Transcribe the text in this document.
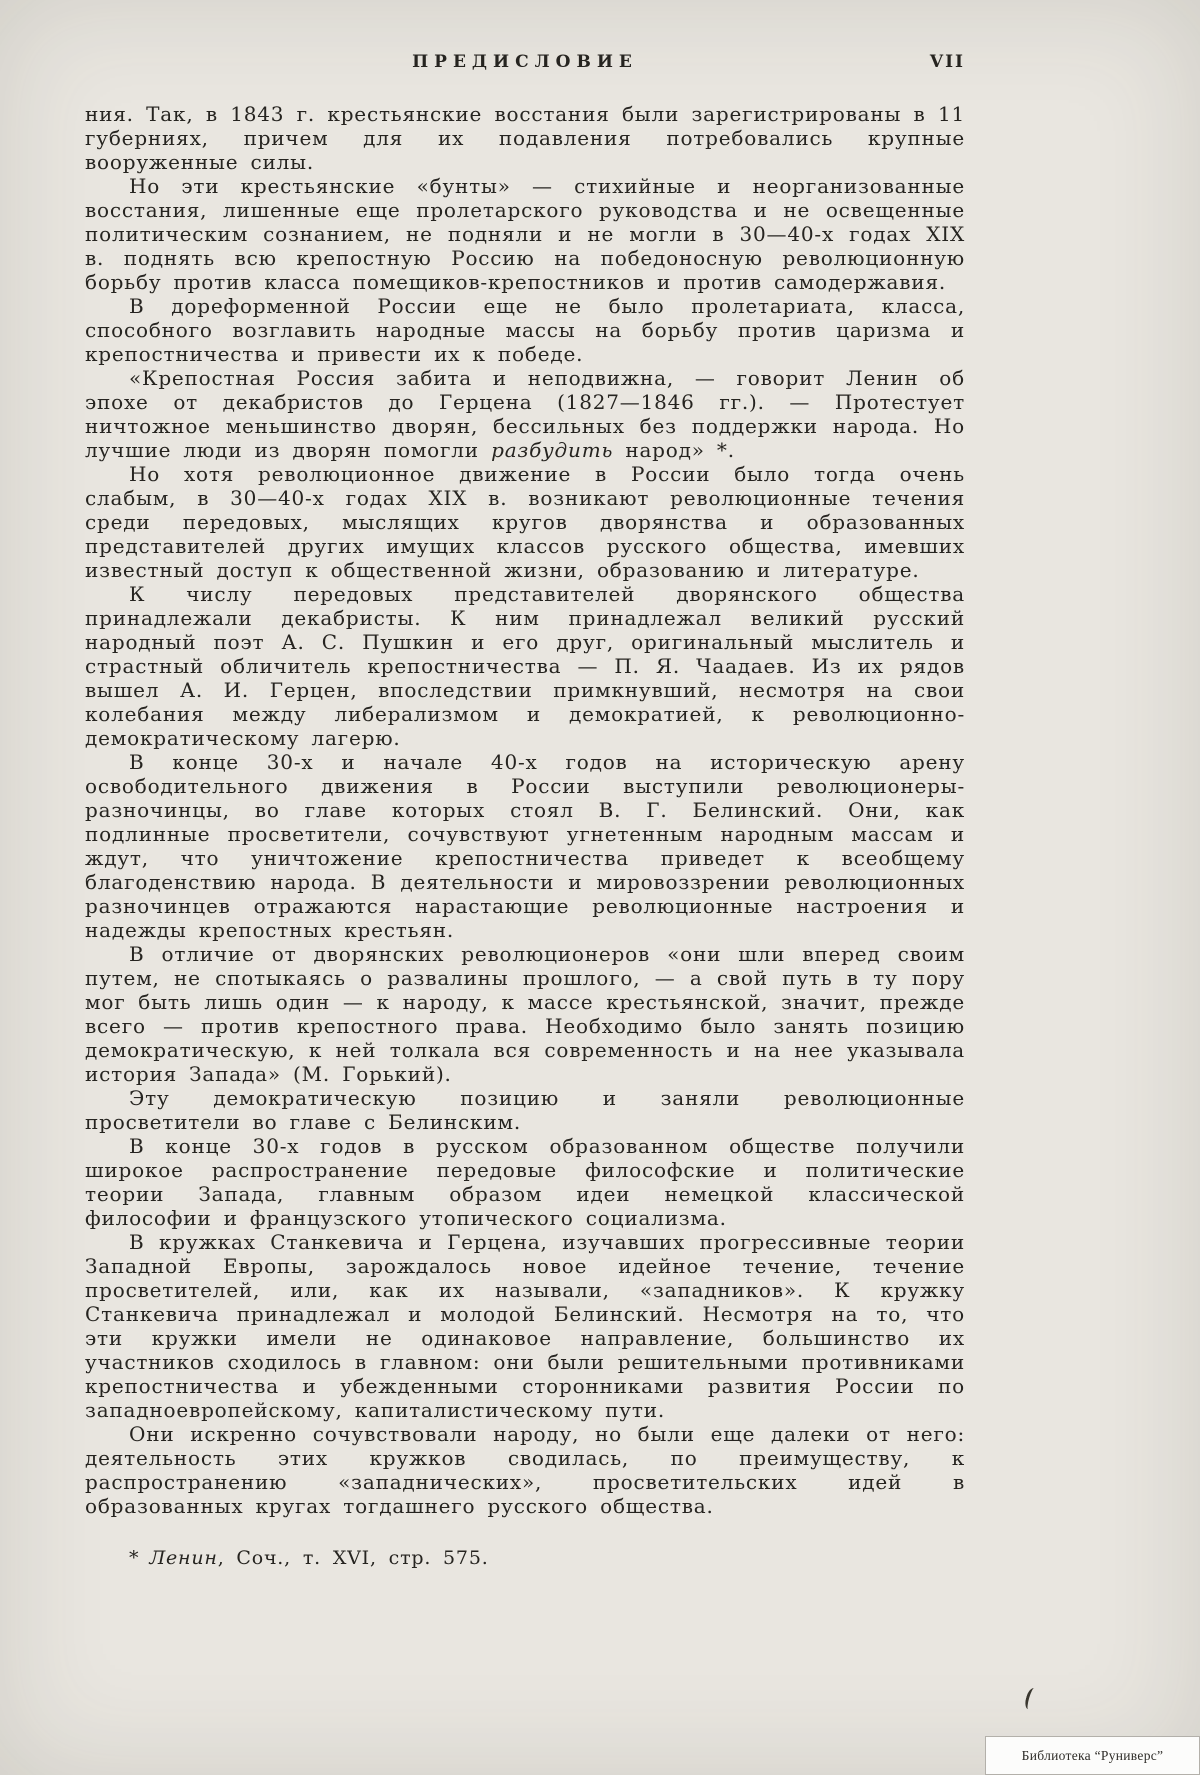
ПРЕДИСЛОВИЕ	VII

ния. Так, в 1843 г. крестьянские восстания были зарегистрированы в 11 губерниях, причем для их подавления потребовались крупные вооруженные силы.

Но эти крестьянские «бунты» — стихийные и неорганизованные восстания, лишенные еще пролетарского руководства и не освещенные политическим сознанием, не подняли и не могли в 30—40-х годах XIX в. поднять всю крепостную Россию на победоносную революционную борьбу против класса помещиков-крепостников и против самодержавия.

В дореформенной России еще не было пролетариата, класса, способного возглавить народные массы на борьбу против царизма и крепостничества и привести их к победе.

«Крепостная Россия забита и неподвижна, — говорит Ленин об эпохе от декабристов до Герцена (1827—1846 гг.). — Протестует ничтожное меньшинство дворян, бессильных без поддержки народа. Но лучшие люди из дворян помогли разбудить народ» *.

Но хотя революционное движение в России было тогда очень слабым, в 30—40-х годах XIX в. возникают революционные течения среди передовых, мыслящих кругов дворянства и образованных представителей других имущих классов русского общества, имевших известный доступ к общественной жизни, образованию и литературе.

К числу передовых представителей дворянского общества принадлежали декабристы. К ним принадлежал великий русский народный поэт А. С. Пушкин и его друг, оригинальный мыслитель и страстный обличитель крепостничества — П. Я. Чаадаев. Из их рядов вышел А. И. Герцен, впоследствии примкнувший, несмотря на свои колебания между либерализмом и демократией, к революционно-демократическому лагерю.

В конце 30-х и начале 40-х годов на историческую арену освободительного движения в России выступили революционеры-разночинцы, во главе которых стоял В. Г. Белинский. Они, как подлинные просветители, сочувствуют угнетенным народным массам и ждут, что уничтожение крепостничества приведет к всеобщему благоденствию народа. В деятельности и мировоззрении революционных разночинцев отражаются нарастающие революционные настроения и надежды крепостных крестьян.

В отличие от дворянских революционеров «они шли вперед своим путем, не спотыкаясь о развалины прошлого, — а свой путь в ту пору мог быть лишь один — к народу, к массе крестьянской, значит, прежде всего — против крепостного права. Необходимо было занять позицию демократическую, к ней толкала вся современность и на нее указывала история Запада» (М. Горький).

Эту демократическую позицию и заняли революционные просветители во главе с Белинским.

В конце 30-х годов в русском образованном обществе получили широкое распространение передовые философские и политические теории Запада, главным образом идеи немецкой классической философии и французского утопического социализма.

В кружках Станкевича и Герцена, изучавших прогрессивные теории Западной Европы, зарождалось новое идейное течение, течение просветителей, или, как их называли, «западников». К кружку Станкевича принадлежал и молодой Белинский. Несмотря на то, что эти кружки имели не одинаковое направление, большинство их участников сходилось в главном: они были решительными противниками крепостничества и убежденными сторонниками развития России по западноевропейскому, капиталистическому пути.

Они искренно сочувствовали народу, но были еще далеки от него: деятельность этих кружков сводилась, по преимуществу, к распространению «западнических», просветительских идей в образованных кругах тогдашнего русского общества.

* Ленин, Соч., т. XVI, стр. 575.
Библиотека “Руниверс”
